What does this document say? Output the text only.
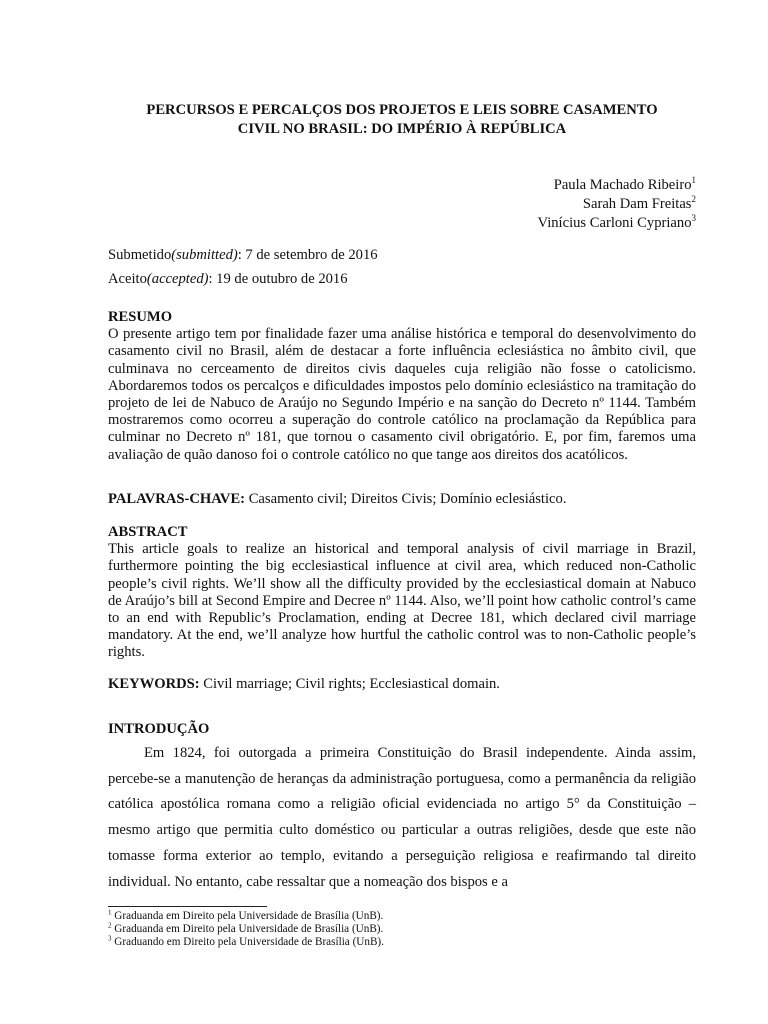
PERCURSOS E PERCALÇOS DOS PROJETOS E LEIS SOBRE CASAMENTO
CIVIL NO BRASIL: DO IMPÉRIO À REPÚBLICA
Paula Machado Ribeiro$^1$
Sarah Dam Freitas$^2$
Vinícius Carloni Cypriano$^3$
Submetido(submitted): 7 de setembro de 2016
Aceito(accepted): 19 de outubro de 2016
RESUMO
O presente artigo tem por finalidade fazer uma análise histórica e temporal do desenvolvimento do casamento civil no Brasil, além de destacar a forte influência eclesiástica no âmbito civil, que culminava no cerceamento de direitos civis daqueles cuja religião não fosse o catolicismo. Abordaremos todos os percalços e dificuldades impostos pelo domínio eclesiástico na tramitação do projeto de lei de Nabuco de Araújo no Segundo Império e na sanção do Decreto nº 1144. Também mostraremos como ocorreu a superação do controle católico na proclamação da República para culminar no Decreto nº 181, que tornou o casamento civil obrigatório. E, por fim, faremos uma avaliação de quão danoso foi o controle católico no que tange aos direitos dos acatólicos.
PALAVRAS-CHAVE: Casamento civil; Direitos Civis; Domínio eclesiástico.
ABSTRACT
This article goals to realize an historical and temporal analysis of civil marriage in Brazil, furthermore pointing the big ecclesiastical influence at civil area, which reduced non-Catholic people’s civil rights. We’ll show all the difficulty provided by the ecclesiastical domain at Nabuco de Araújo’s bill at Second Empire and Decree nº 1144. Also, we’ll point how catholic control’s came to an end with Republic’s Proclamation, ending at Decree 181, which declared civil marriage mandatory. At the end, we’ll analyze how hurtful the catholic control was to non-Catholic people’s rights.
KEYWORDS: Civil marriage; Civil rights; Ecclesiastical domain.
INTRODUÇÃO
Em 1824, foi outorgada a primeira Constituição do Brasil independente. Ainda assim, percebe-se a manutenção de heranças da administração portuguesa, como a permanência da religião católica apostólica romana como a religião oficial evidenciada no artigo 5° da Constituição – mesmo artigo que permitia culto doméstico ou particular a outras religiões, desde que este não tomasse forma exterior ao templo, evitando a perseguição religiosa e reafirmando tal direito individual. No entanto, cabe ressaltar que a nomeação dos bispos e a
$^1$ Graduanda em Direito pela Universidade de Brasília (UnB).
$^2$ Graduanda em Direito pela Universidade de Brasília (UnB).
$^3$ Graduando em Direito pela Universidade de Brasília (UnB).
